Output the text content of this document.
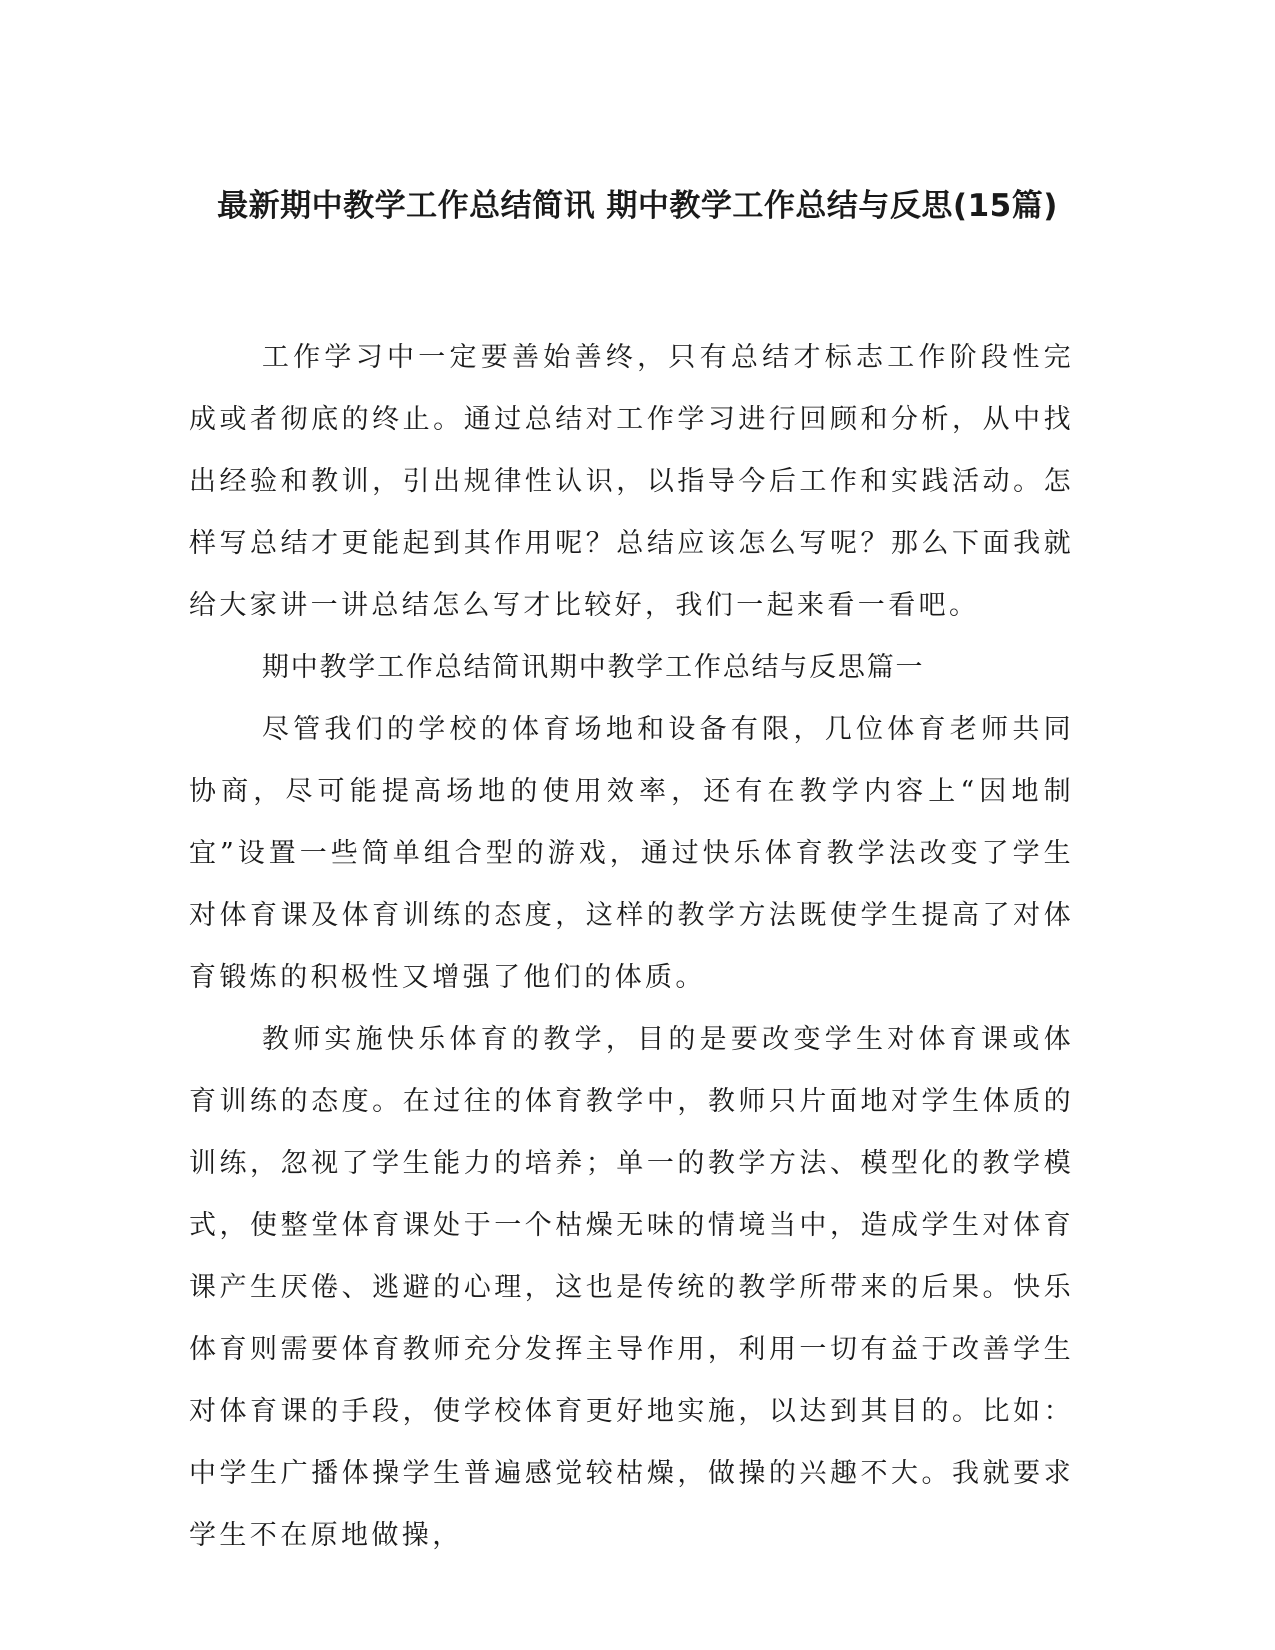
最新期中教学工作总结简讯 期中教学工作总结与反思(15篇)

工作学习中一定要善始善终，只有总结才标志工作阶段性完成或者彻底的终止。通过总结对工作学习进行回顾和分析，从中找出经验和教训，引出规律性认识，以指导今后工作和实践活动。怎样写总结才更能起到其作用呢？总结应该怎么写呢？那么下面我就给大家讲一讲总结怎么写才比较好，我们一起来看一看吧。

期中教学工作总结简讯期中教学工作总结与反思篇一

尽管我们的学校的体育场地和设备有限，几位体育老师共同协商，尽可能提高场地的使用效率，还有在教学内容上“因地制宜”设置一些简单组合型的游戏，通过快乐体育教学法改变了学生对体育课及体育训练的态度，这样的教学方法既使学生提高了对体育锻炼的积极性又增强了他们的体质。

教师实施快乐体育的教学，目的是要改变学生对体育课或体育训练的态度。在过往的体育教学中，教师只片面地对学生体质的训练，忽视了学生能力的培养；单一的教学方法、模型化的教学模式，使整堂体育课处于一个枯燥无味的情境当中，造成学生对体育课产生厌倦、逃避的心理，这也是传统的教学所带来的后果。快乐体育则需要体育教师充分发挥主导作用，利用一切有益于改善学生对体育课的手段，使学校体育更好地实施，以达到其目的。比如：中学生广播体操学生普遍感觉较枯燥，做操的兴趣不大。我就要求学生不在原地做操，
